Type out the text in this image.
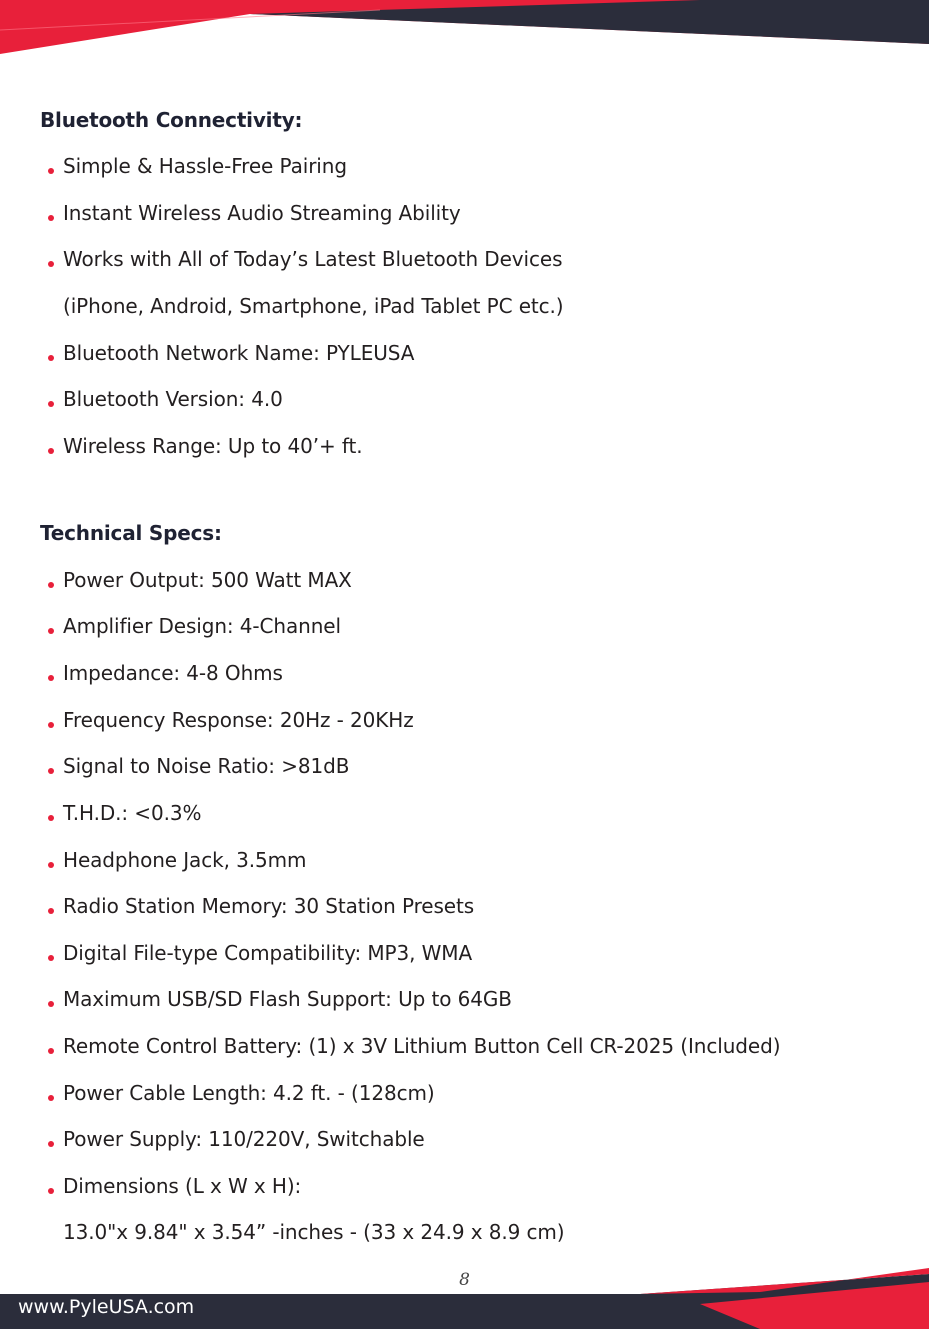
Bluetooth Connectivity:
Technical Specs:
Simple & Hassle-Free Pairing
Instant Wireless Audio Streaming Ability
Works with All of Today’s Latest Bluetooth Devices
(iPhone, Android, Smartphone, iPad Tablet PC etc.)
Bluetooth Network Name: PYLEUSA
Bluetooth Version: 4.0
Wireless Range: Up to 40’+ ft.
Power Output: 500 Watt MAX
Amplifier Design: 4-Channel
Impedance: 4-8 Ohms
Frequency Response: 20Hz - 20KHz
Signal to Noise Ratio: >81dB
T.H.D.: <0.3%
Headphone Jack, 3.5mm
Radio Station Memory: 30 Station Presets
Digital File-type Compatibility: MP3, WMA
Maximum USB/SD Flash Support: Up to 64GB
Remote Control Battery: (1) x 3V Lithium Button Cell CR-2025 (Included)
Power Cable Length: 4.2 ft. - (128cm)
Power Supply: 110/220V, Switchable
Dimensions (L x W x H):
13.0"x 9.84" x 3.54” -inches - (33 x 24.9 x 8.9 cm)
8
www.PyleUSA.com
